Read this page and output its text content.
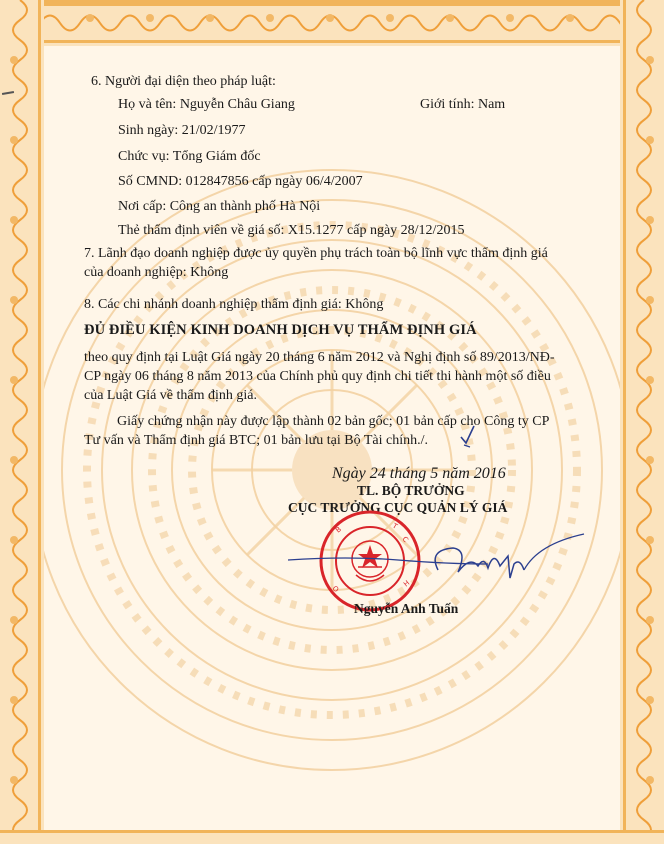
6. Người đại diện theo pháp luật:
Họ và tên: Nguyễn Châu Giang	Giới tính: Nam
Sinh ngày: 21/02/1977
Chức vụ: Tổng Giám đốc
Số CMND: 012847856 cấp ngày 06/4/2007
Nơi cấp: Công an thành phố Hà Nội
Thẻ thẩm định viên về giá số: X15.1277 cấp ngày 28/12/2015
7. Lãnh đạo doanh nghiệp được ủy quyền phụ trách toàn bộ lĩnh vực thẩm định giá
của doanh nghiệp: Không
8. Các chi nhánh doanh nghiệp thẩm định giá: Không
ĐỦ ĐIỀU KIỆN KINH DOANH DỊCH VỤ THẨM ĐỊNH GIÁ
theo quy định tại Luật Giá ngày 20 tháng 6 năm 2012 và Nghị định số 89/2013/NĐ-
CP ngày 06 tháng 8 năm 2013 của Chính phủ quy định chi tiết thi hành một số điều
của Luật Giá về thẩm định giá.
Giấy chứng nhận này được lập thành 02 bản gốc; 01 bản cấp cho Công ty CP
Tư vấn và Thẩm định giá BTC; 01 bản lưu tại Bộ Tài chính./.
Ngày 24 tháng 5 năm 2016
TL. BỘ TRƯỞNG
CỤC TRƯỞNG CỤC QUẢN LÝ GIÁ
B	T
C
O
H
Nguyễn Anh Tuấn
